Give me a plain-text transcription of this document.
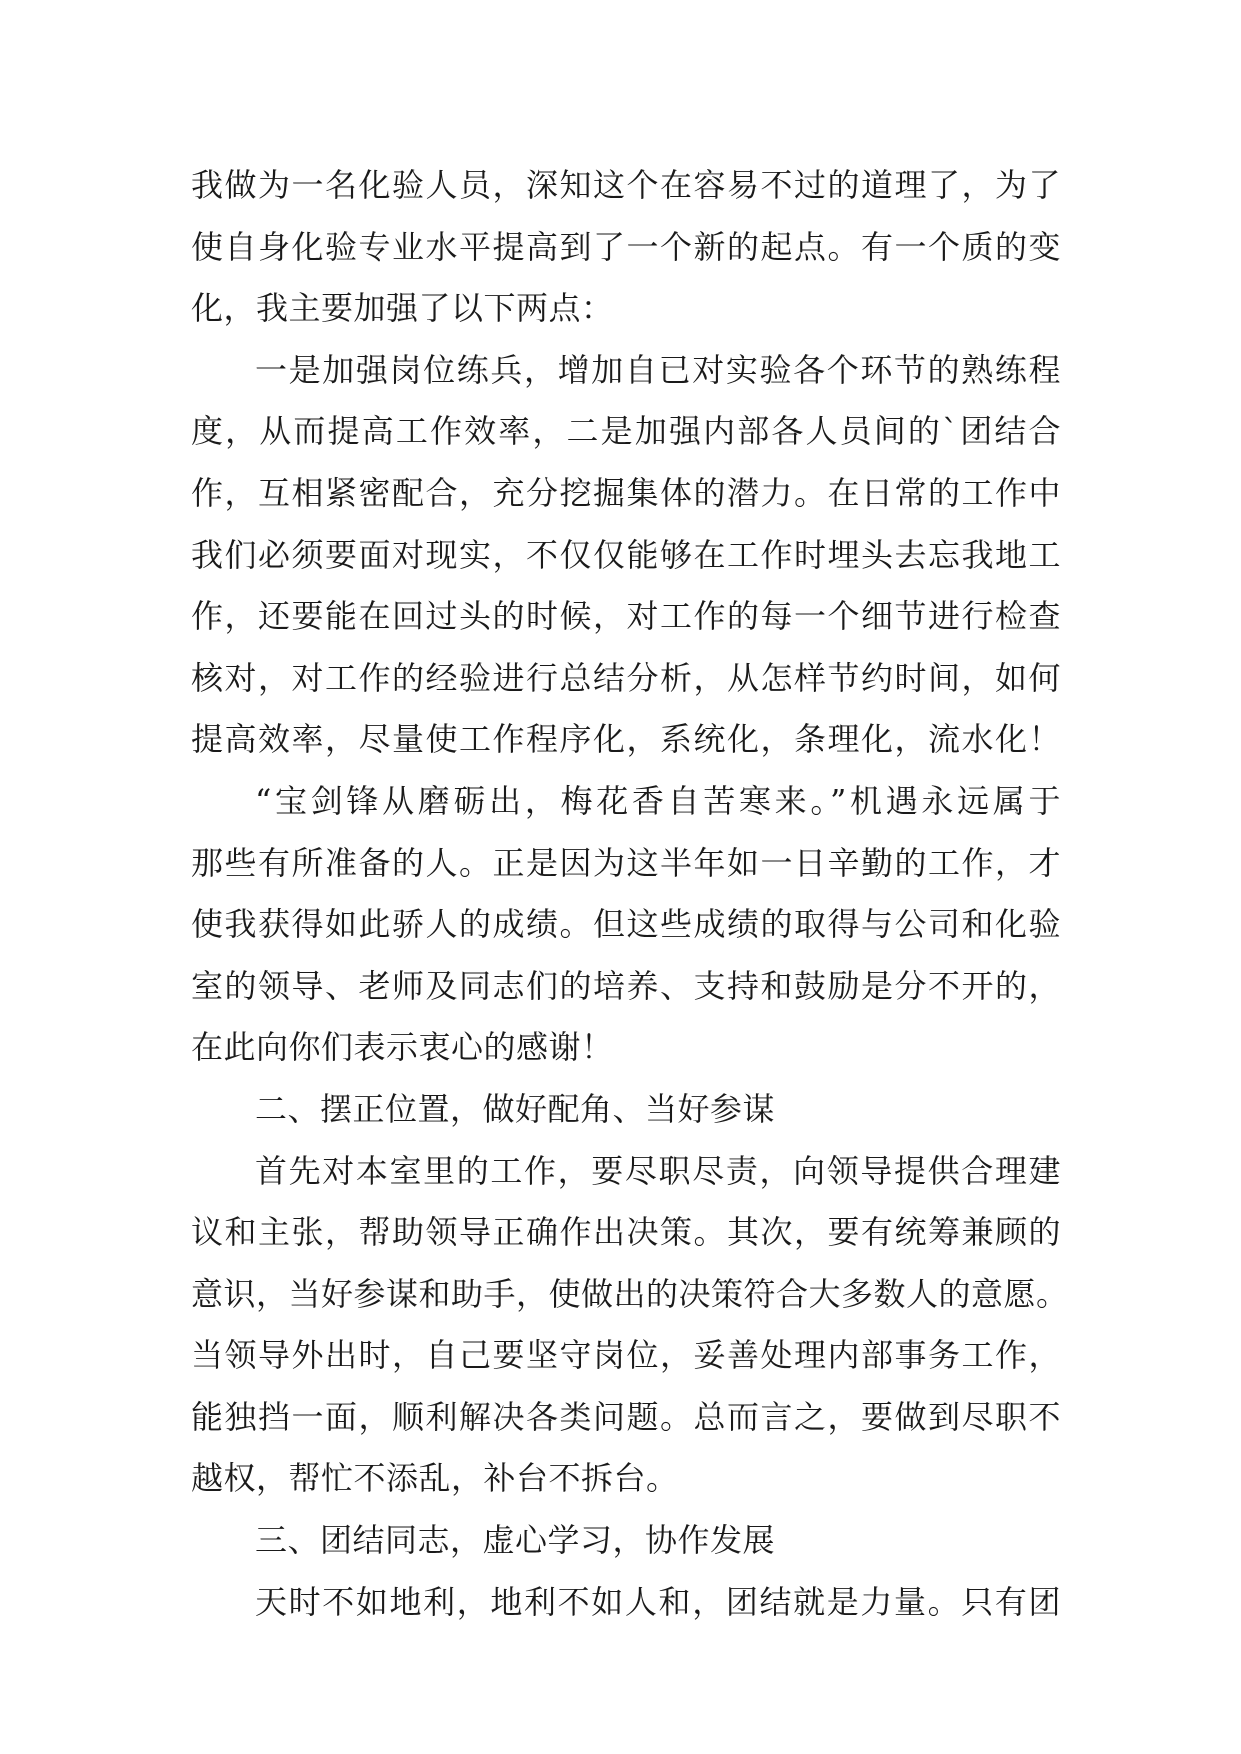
我做为一名化验人员，深知这个在容易不过的道理了，为了
使自身化验专业水平提高到了一个新的起点。有一个质的变
化，我主要加强了以下两点：
一是加强岗位练兵，增加自已对实验各个环节的熟练程
度，从而提高工作效率，二是加强内部各人员间的`团结合
作，互相紧密配合，充分挖掘集体的潜力。在日常的工作中
我们必须要面对现实，不仅仅能够在工作时埋头去忘我地工
作，还要能在回过头的时候，对工作的每一个细节进行检查
核对，对工作的经验进行总结分析，从怎样节约时间，如何
提高效率，尽量使工作程序化，系统化，条理化，流水化！
“宝剑锋从磨砺出，梅花香自苦寒来。”机遇永远属于
那些有所准备的人。正是因为这半年如一日辛勤的工作，才
使我获得如此骄人的成绩。但这些成绩的取得与公司和化验
室的领导、老师及同志们的培养、支持和鼓励是分不开的，
在此向你们表示衷心的感谢！
二、摆正位置，做好配角、当好参谋
首先对本室里的工作，要尽职尽责，向领导提供合理建
议和主张，帮助领导正确作出决策。其次，要有统筹兼顾的
意识，当好参谋和助手，使做出的决策符合大多数人的意愿。
当领导外出时，自己要坚守岗位，妥善处理内部事务工作，
能独挡一面，顺利解决各类问题。总而言之，要做到尽职不
越权，帮忙不添乱，补台不拆台。
三、团结同志，虚心学习，协作发展
天时不如地利，地利不如人和，团结就是力量。只有团
